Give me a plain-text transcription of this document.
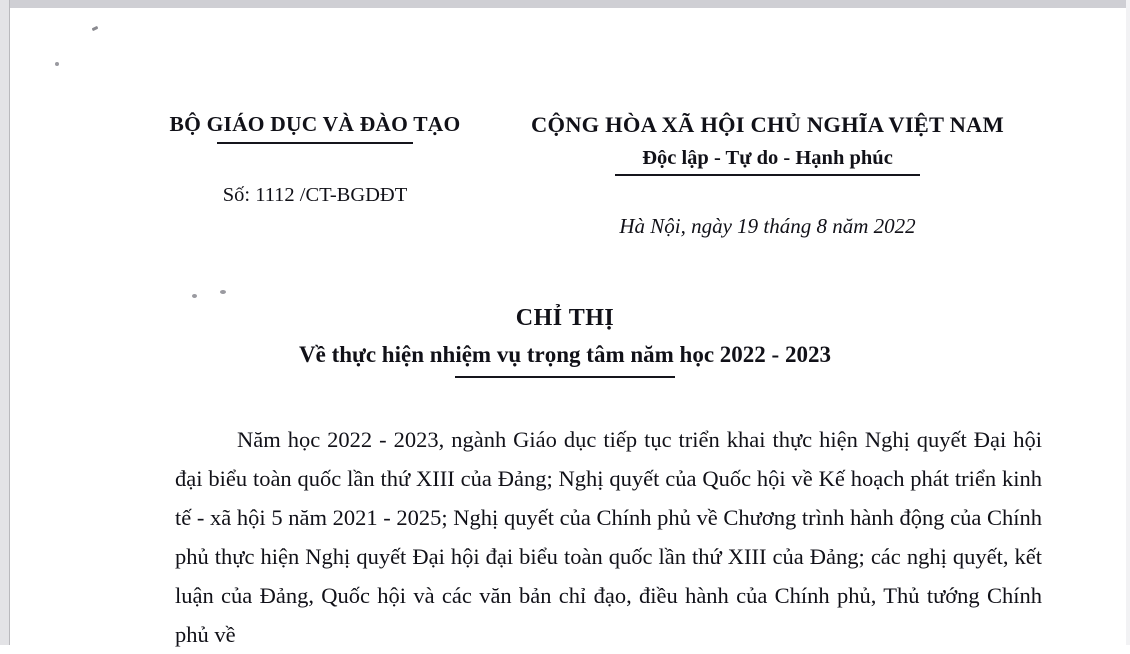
BỘ GIÁO DỤC VÀ ĐÀO TẠO
Số: 1112 /CT-BGDĐT
CỘNG HÒA XÃ HỘI CHỦ NGHĨA VIỆT NAM
Độc lập - Tự do - Hạnh phúc
Hà Nội, ngày 19 tháng 8 năm 2022
CHỈ THỊ
Về thực hiện nhiệm vụ trọng tâm năm học 2022 - 2023
Năm học 2022 - 2023, ngành Giáo dục tiếp tục triển khai thực hiện Nghị quyết Đại hội đại biểu toàn quốc lần thứ XIII của Đảng; Nghị quyết của Quốc hội về Kế hoạch phát triển kinh tế - xã hội 5 năm 2021 - 2025; Nghị quyết của Chính phủ về Chương trình hành động của Chính phủ thực hiện Nghị quyết Đại hội đại biểu toàn quốc lần thứ XIII của Đảng; các nghị quyết, kết luận của Đảng, Quốc hội và các văn bản chỉ đạo, điều hành của Chính phủ, Thủ tướng Chính phủ về
